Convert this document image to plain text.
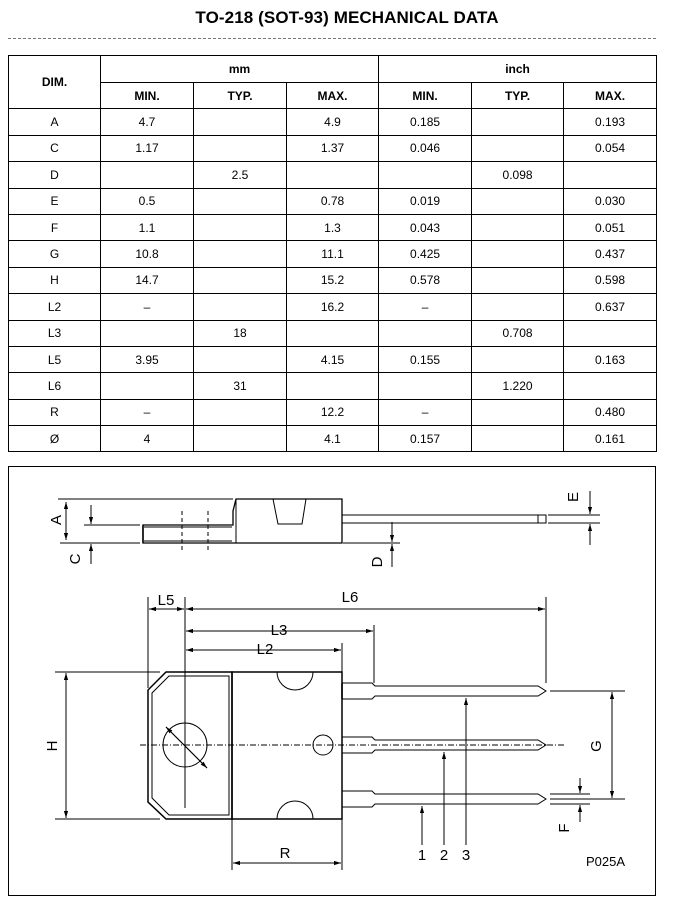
TO-218 (SOT-93) MECHANICAL DATA
DIM.	mm			inch		
	MIN.	TYP.	MAX.	MIN.	TYP.	MAX.
A	4.7		4.9	0.185		0.193
C	1.17		1.37	0.046		0.054
D		2.5			0.098	
E	0.5		0.78	0.019		0.030
F	1.1		1.3	0.043		0.051
G	10.8		11.1	0.425		0.437
H	14.7		15.2	0.578		0.598
L2	–		16.2	–		0.637
L3		18			0.708	
L5	3.95		4.15	0.155		0.163
L6		31			1.220	
R	–		12.2	–		0.480
Ø	4		4.1	0.157		0.161
A
C	D
E
L5	L6
L3
L2
H	G
F
R	1 2 3	P025A
